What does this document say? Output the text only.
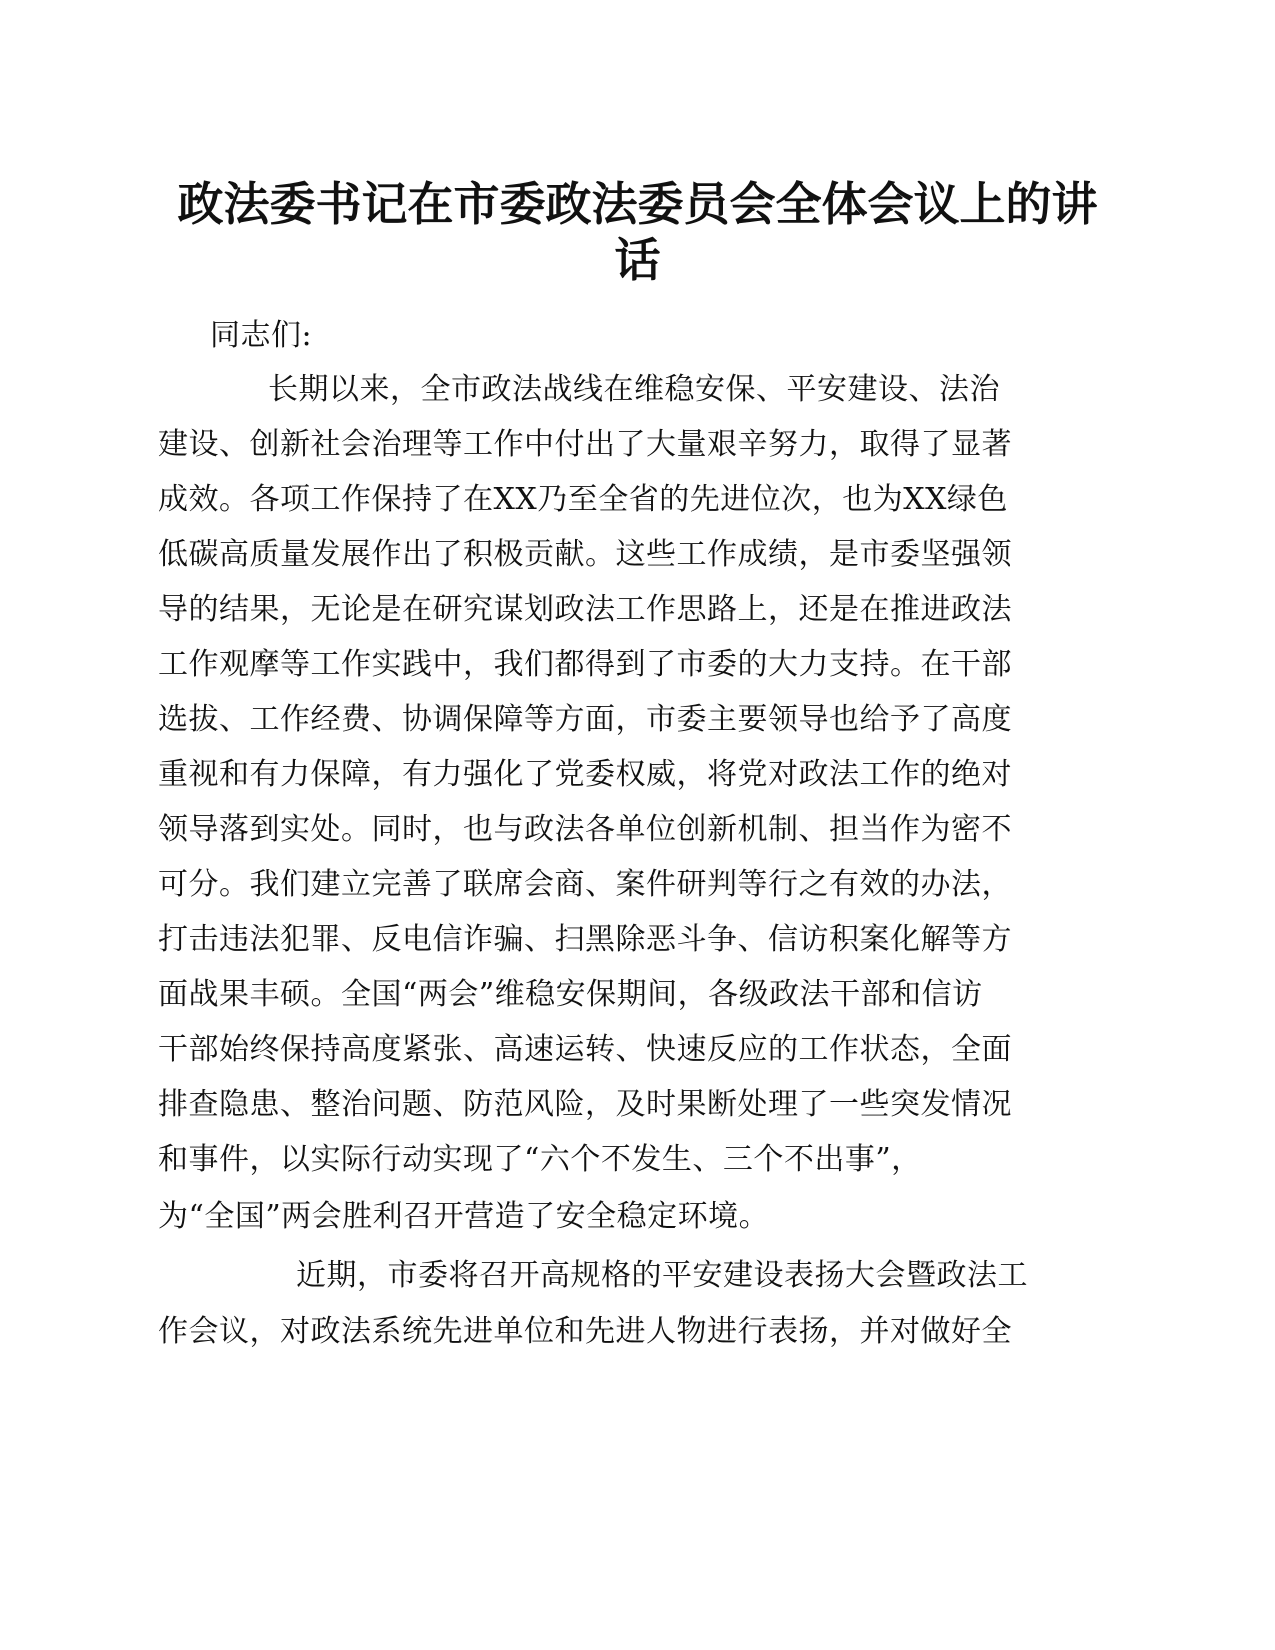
政法委书记在市委政法委员会全体会议上的讲
话
同志们:
长期以来，全市政法战线在维稳安保、平安建设、法治
建设、创新社会治理等工作中付出了大量艰辛努力，取得了显著
成效。各项工作保持了在XX乃至全省的先进位次，也为XX绿色
低碳高质量发展作出了积极贡献。这些工作成绩，是市委坚强领
导的结果，无论是在研究谋划政法工作思路上，还是在推进政法
工作观摩等工作实践中，我们都得到了市委的大力支持。在干部
选拔、工作经费、协调保障等方面，市委主要领导也给予了高度
重视和有力保障，有力强化了党委权威，将党对政法工作的绝对
领导落到实处。同时，也与政法各单位创新机制、担当作为密不
可分。我们建立完善了联席会商、案件研判等行之有效的办法，
打击违法犯罪、反电信诈骗、扫黑除恶斗争、信访积案化解等方
面战果丰硕。全国“两会”维稳安保期间，各级政法干部和信访
干部始终保持高度紧张、高速运转、快速反应的工作状态，全面
排查隐患、整治问题、防范风险，及时果断处理了一些突发情况
和事件，以实际行动实现了“六个不发生、三个不出事”，
为“全国”两会胜利召开营造了安全稳定环境。
近期，市委将召开高规格的平安建设表扬大会暨政法工
作会议，对政法系统先进单位和先进人物进行表扬，并对做好全
